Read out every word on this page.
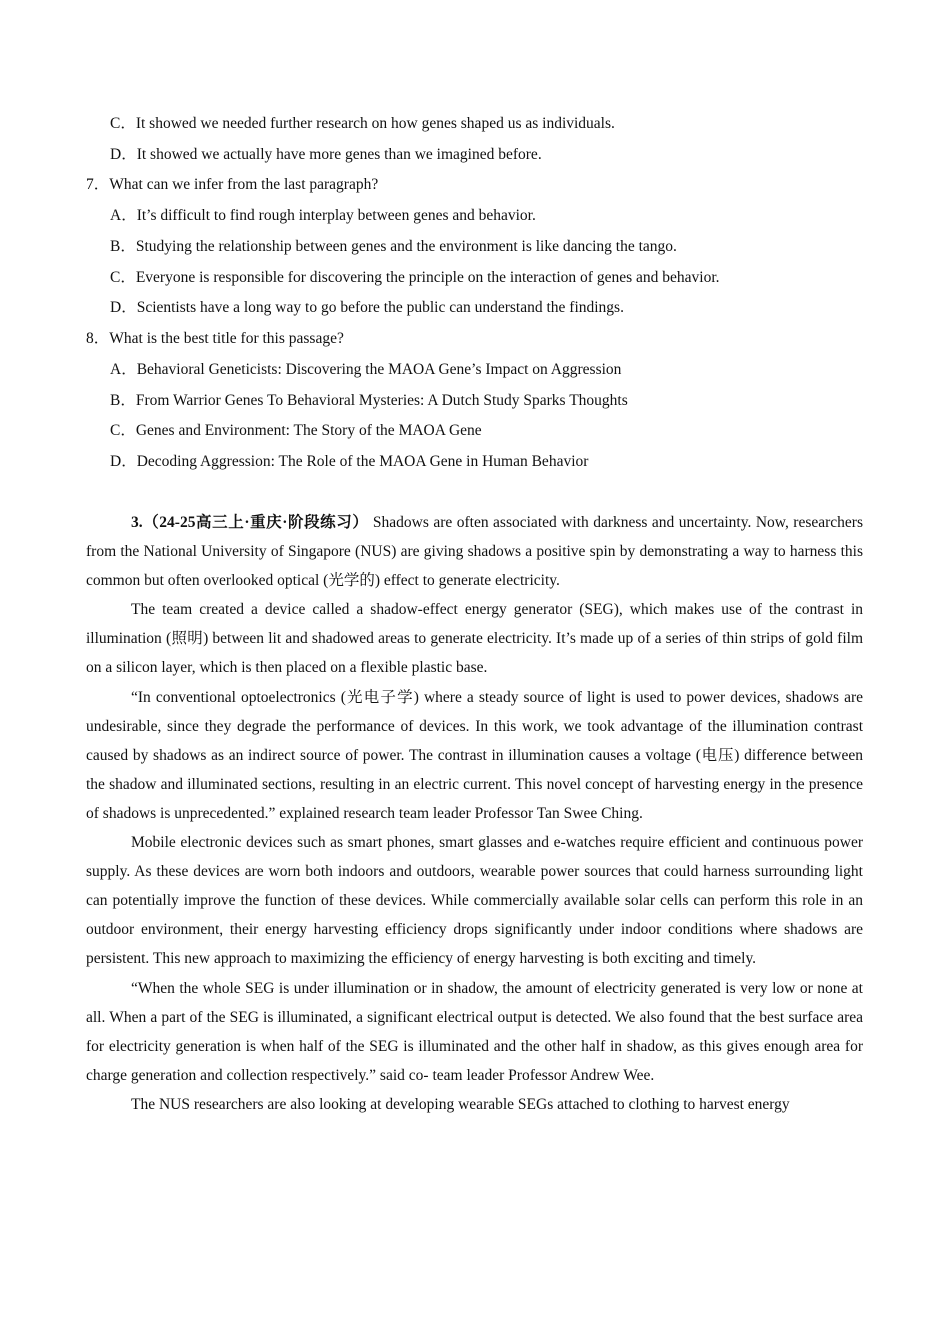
C．It showed we needed further research on how genes shaped us as individuals.
D．It showed we actually have more genes than we imagined before.
7．What can we infer from the last paragraph?
A．It’s difficult to find rough interplay between genes and behavior.
B．Studying the relationship between genes and the environment is like dancing the tango.
C．Everyone is responsible for discovering the principle on the interaction of genes and behavior.
D．Scientists have a long way to go before the public can understand the findings.
8．What is the best title for this passage?
A．Behavioral Geneticists: Discovering the MAOA Gene’s Impact on Aggression
B．From Warrior Genes To Behavioral Mysteries: A Dutch Study Sparks Thoughts
C．Genes and Environment: The Story of the MAOA Gene
D．Decoding Aggression: The Role of the MAOA Gene in Human Behavior

3.（24-25高三上·重庆·阶段练习） Shadows are often associated with darkness and uncertainty. Now, researchers from the National University of Singapore (NUS) are giving shadows a positive spin by demonstrating a way to harness this common but often overlooked optical (光学的) effect to generate electricity.

The team created a device called a shadow-effect energy generator (SEG), which makes use of the contrast in illumination (照明) between lit and shadowed areas to generate electricity. It’s made up of a series of thin strips of gold film on a silicon layer, which is then placed on a flexible plastic base.

“In conventional optoelectronics (光电子学) where a steady source of light is used to power devices, shadows are undesirable, since they degrade the performance of devices. In this work, we took advantage of the illumination contrast caused by shadows as an indirect source of power. The contrast in illumination causes a voltage (电压) difference between the shadow and illuminated sections, resulting in an electric current. This novel concept of harvesting energy in the presence of shadows is unprecedented.” explained research team leader Professor Tan Swee Ching.

Mobile electronic devices such as smart phones, smart glasses and e-watches require efficient and continuous power supply. As these devices are worn both indoors and outdoors, wearable power sources that could harness surrounding light can potentially improve the function of these devices. While commercially available solar cells can perform this role in an outdoor environment, their energy harvesting efficiency drops significantly under indoor conditions where shadows are persistent. This new approach to maximizing the efficiency of energy harvesting is both exciting and timely.

“When the whole SEG is under illumination or in shadow, the amount of electricity generated is very low or none at all. When a part of the SEG is illuminated, a significant electrical output is detected. We also found that the best surface area for electricity generation is when half of the SEG is illuminated and the other half in shadow, as this gives enough area for charge generation and collection respectively.” said co- team leader Professor Andrew Wee.

The NUS researchers are also looking at developing wearable SEGs attached to clothing to harvest energy
